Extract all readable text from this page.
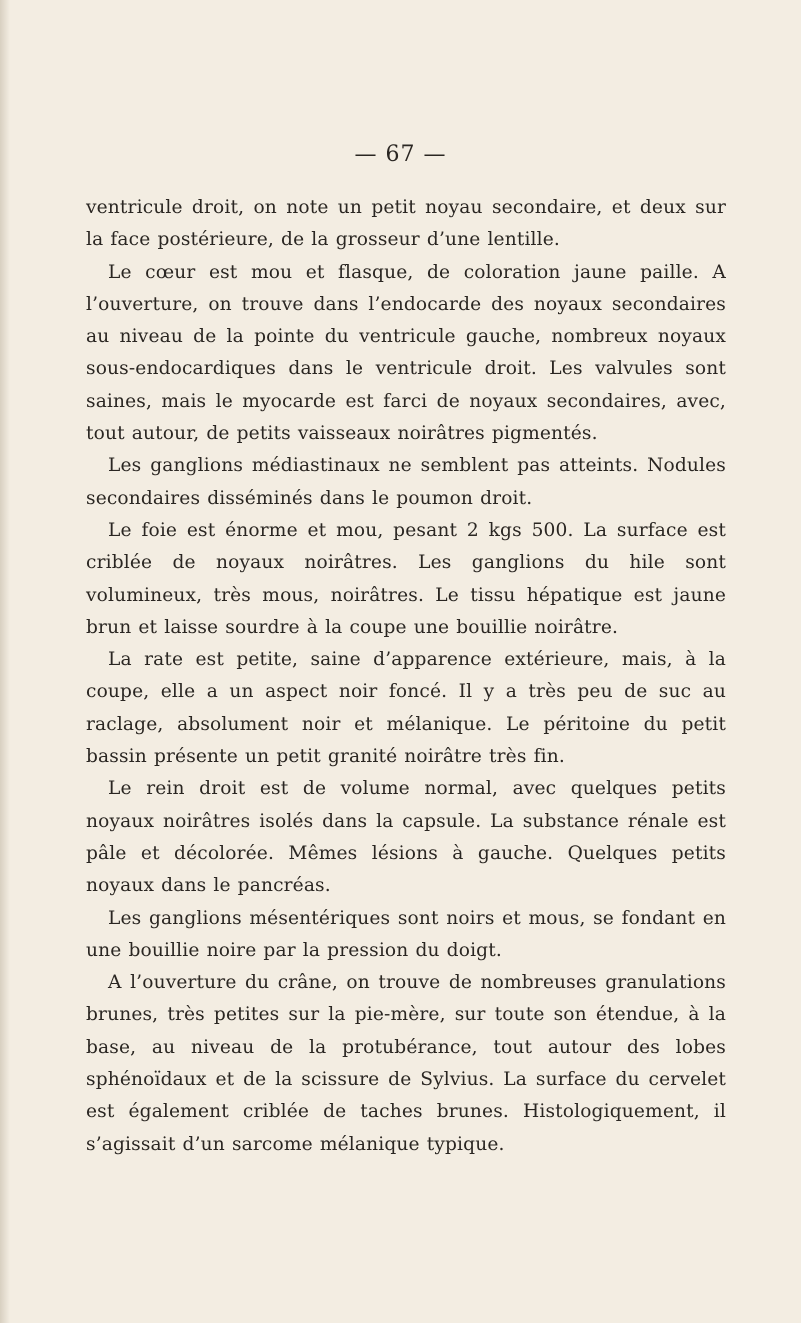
— 67 —

ventricule droit, on note un petit noyau secondaire, et deux sur la face postérieure, de la grosseur d’une lentille.

Le cœur est mou et flasque, de coloration jaune paille. A l’ouverture, on trouve dans l’endocarde des noyaux secondaires au niveau de la pointe du ventricule gauche, nombreux noyaux sous-endocardiques dans le ventricule droit. Les valvules sont saines, mais le myocarde est farci de noyaux secondaires, avec, tout autour, de petits vaisseaux noirâtres pigmentés.

Les ganglions médiastinaux ne semblent pas atteints. Nodules secondaires disséminés dans le poumon droit.

Le foie est énorme et mou, pesant 2 kgs 500. La surface est criblée de noyaux noirâtres. Les ganglions du hile sont volumineux, très mous, noirâtres. Le tissu hépatique est jaune brun et laisse sourdre à la coupe une bouillie noirâtre.

La rate est petite, saine d’apparence extérieure, mais, à la coupe, elle a un aspect noir foncé. Il y a très peu de suc au raclage, absolument noir et mélanique. Le péritoine du petit bassin présente un petit granité noirâtre très fin.

Le rein droit est de volume normal, avec quelques petits noyaux noirâtres isolés dans la capsule. La substance rénale est pâle et décolorée. Mêmes lésions à gauche. Quelques petits noyaux dans le pancréas.

Les ganglions mésentériques sont noirs et mous, se fondant en une bouillie noire par la pression du doigt.

A l’ouverture du crâne, on trouve de nombreuses granulations brunes, très petites sur la pie-mère, sur toute son étendue, à la base, au niveau de la protubérance, tout autour des lobes sphénoïdaux et de la scissure de Sylvius. La surface du cervelet est également criblée de taches brunes. Histologiquement, il s’agissait d’un sarcome mélanique typique.
